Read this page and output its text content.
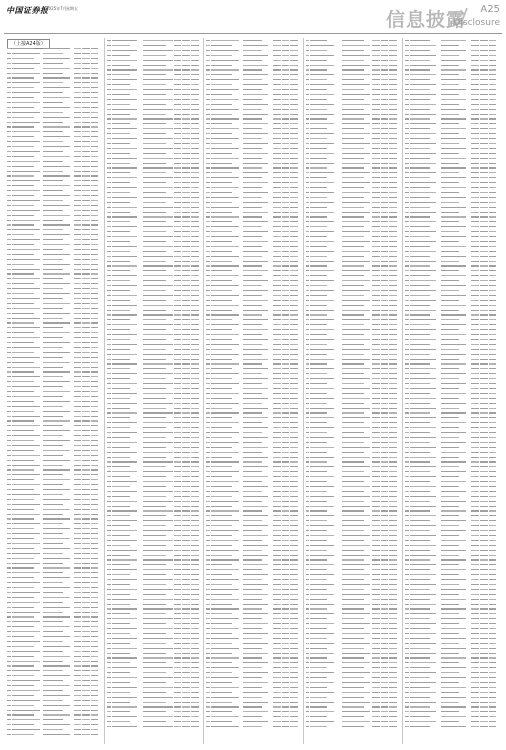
中国证券报
2025年7月 星期五
信息披露 A25
Disclosure
（上接A24版）
